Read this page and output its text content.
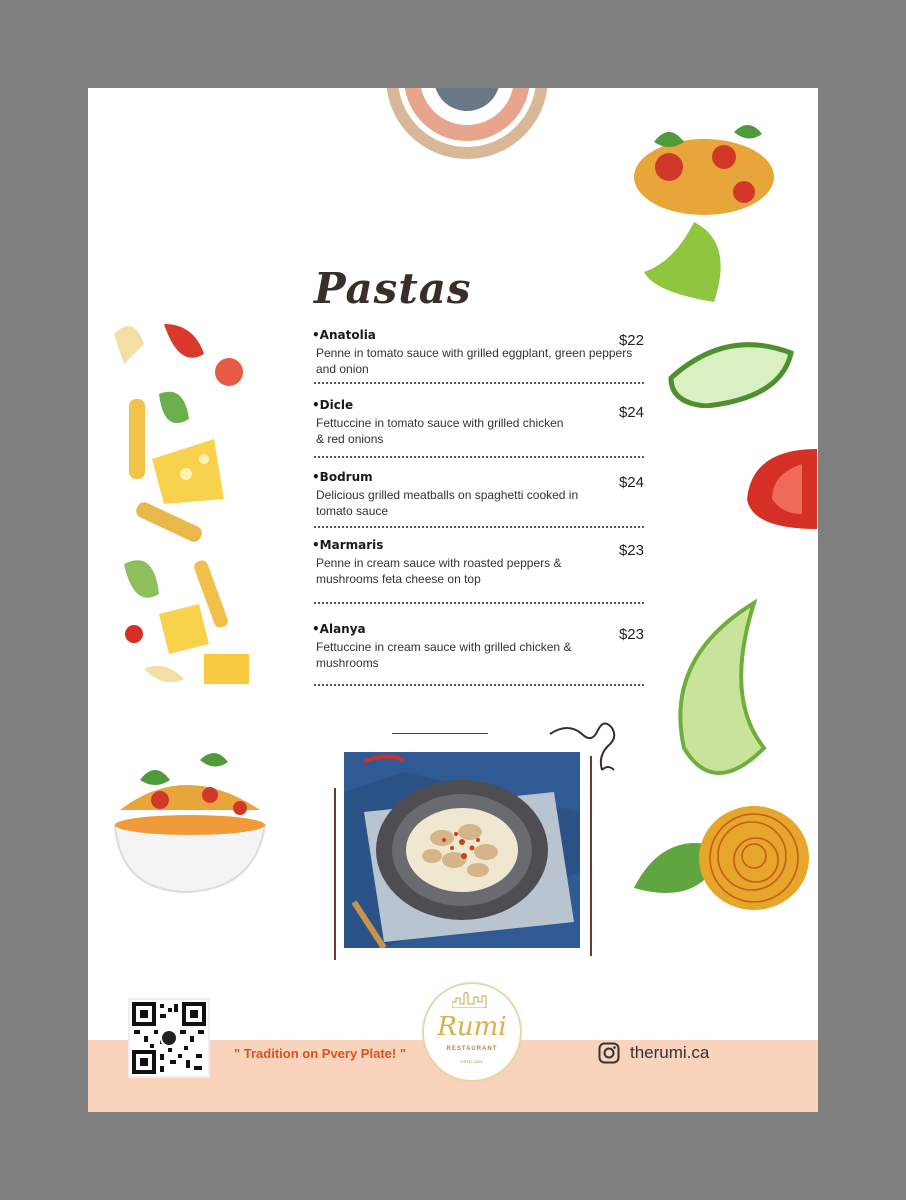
Pastas
• Anatolia
Penne in tomato sauce with grilled eggplant, green peppers and onion
$22
• Dicle
Fettuccine in tomato sauce with grilled chicken & red onions
$24
• Bodrum
Delicious grilled meatballs on spaghetti cooked in tomato sauce
$24
• Marmaris
Penne in cream sauce with roasted peppers & mushrooms feta cheese on top
$23
• Alanya
Fettuccine in cream sauce with grilled chicken & mushrooms
$23
" Tradition on Pvery Plate! "
Rumi
RESTAURANT
ESTD. 2022	therumi.ca
